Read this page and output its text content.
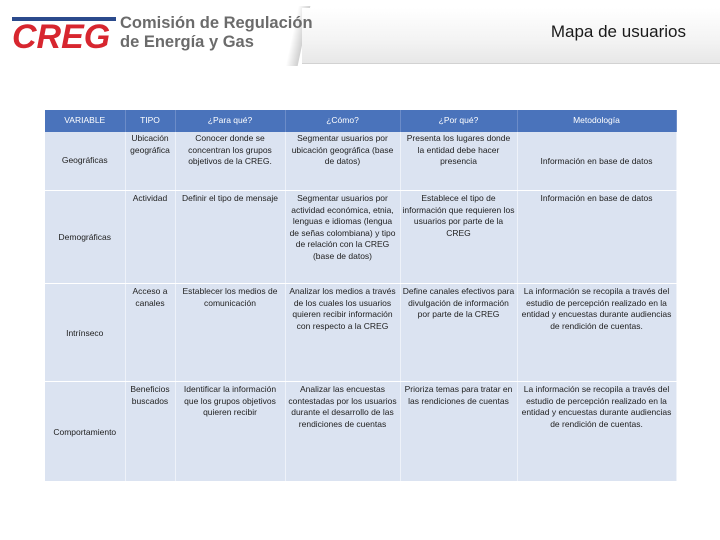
CREG Comisión de Regulación
de Energía y Gas
Mapa de usuarios
VARIABLE	TIPO	¿Para qué?	¿Cómo?	¿Por qué?	Metodología
Geográficas	Ubicación geográfica	Conocer donde se concentran los grupos objetivos de la CREG.	Segmentar usuarios por ubicación geográfica (base de datos)	Presenta los lugares donde la entidad debe hacer presencia	Información en base de datos
Demográficas	Actividad	Definir el tipo de mensaje	Segmentar usuarios por actividad económica, etnia, lenguas e idiomas (lengua de señas colombiana) y tipo de relación con la CREG (base de datos)	Establece el tipo de información que requieren los usuarios por parte de la CREG	Información en base de datos
Intrínseco	Acceso a canales	Establecer los medios de comunicación	Analizar los medios a través de los cuales los usuarios quieren recibir información con respecto a la CREG	Define canales efectivos para divulgación de información por parte de la CREG	La información se recopila a través del estudio de percepción realizado en la entidad y encuestas durante audiencias de rendición de cuentas.
Comportamiento	Beneficios buscados	Identificar la información que los grupos objetivos quieren recibir	Analizar las encuestas contestadas por los usuarios durante el desarrollo de las rendiciones de cuentas	Prioriza temas para tratar en las rendiciones de cuentas	La información se recopila a través del estudio de percepción realizado en la entidad y encuestas durante audiencias de rendición de cuentas.
